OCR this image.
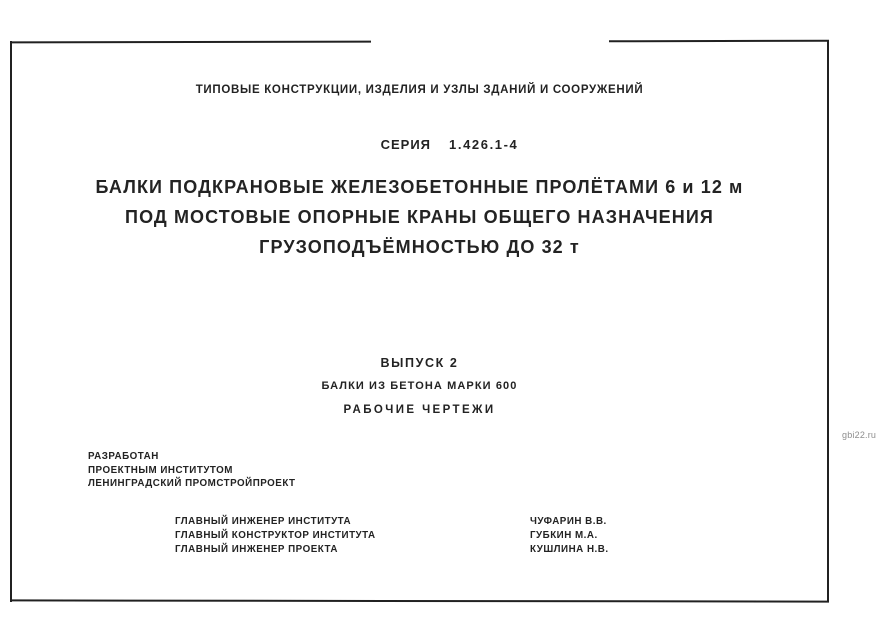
ТИПОВЫЕ КОНСТРУКЦИИ, ИЗДЕЛИЯ И УЗЛЫ ЗДАНИЙ И СООРУЖЕНИЙ
СЕРИЯ 1.426.1-4
БАЛКИ ПОДКРАНОВЫЕ ЖЕЛЕЗОБЕТОННЫЕ ПРОЛЁТАМИ 6 и 12 м
ПОД МОСТОВЫЕ ОПОРНЫЕ КРАНЫ ОБЩЕГО НАЗНАЧЕНИЯ
ГРУЗОПОДЪЁМНОСТЬЮ ДО 32 т
ВЫПУСК 2
БАЛКИ ИЗ БЕТОНА МАРКИ 600
РАБОЧИЕ ЧЕРТЕЖИ
РАЗРАБОТАН
ПРОЕКТНЫМ ИНСТИТУТОМ
ЛЕНИНГРАДСКИЙ ПРОМСТРОЙПРОЕКТ
ГЛАВНЫЙ ИНЖЕНЕР ИНСТИТУТА	ЧУФАРИН В.В.
ГЛАВНЫЙ КОНСТРУКТОР ИНСТИТУТА	ГУБКИН М.А.
ГЛАВНЫЙ ИНЖЕНЕР ПРОЕКТА	КУШЛИНА Н.В.
gbi22.ru
